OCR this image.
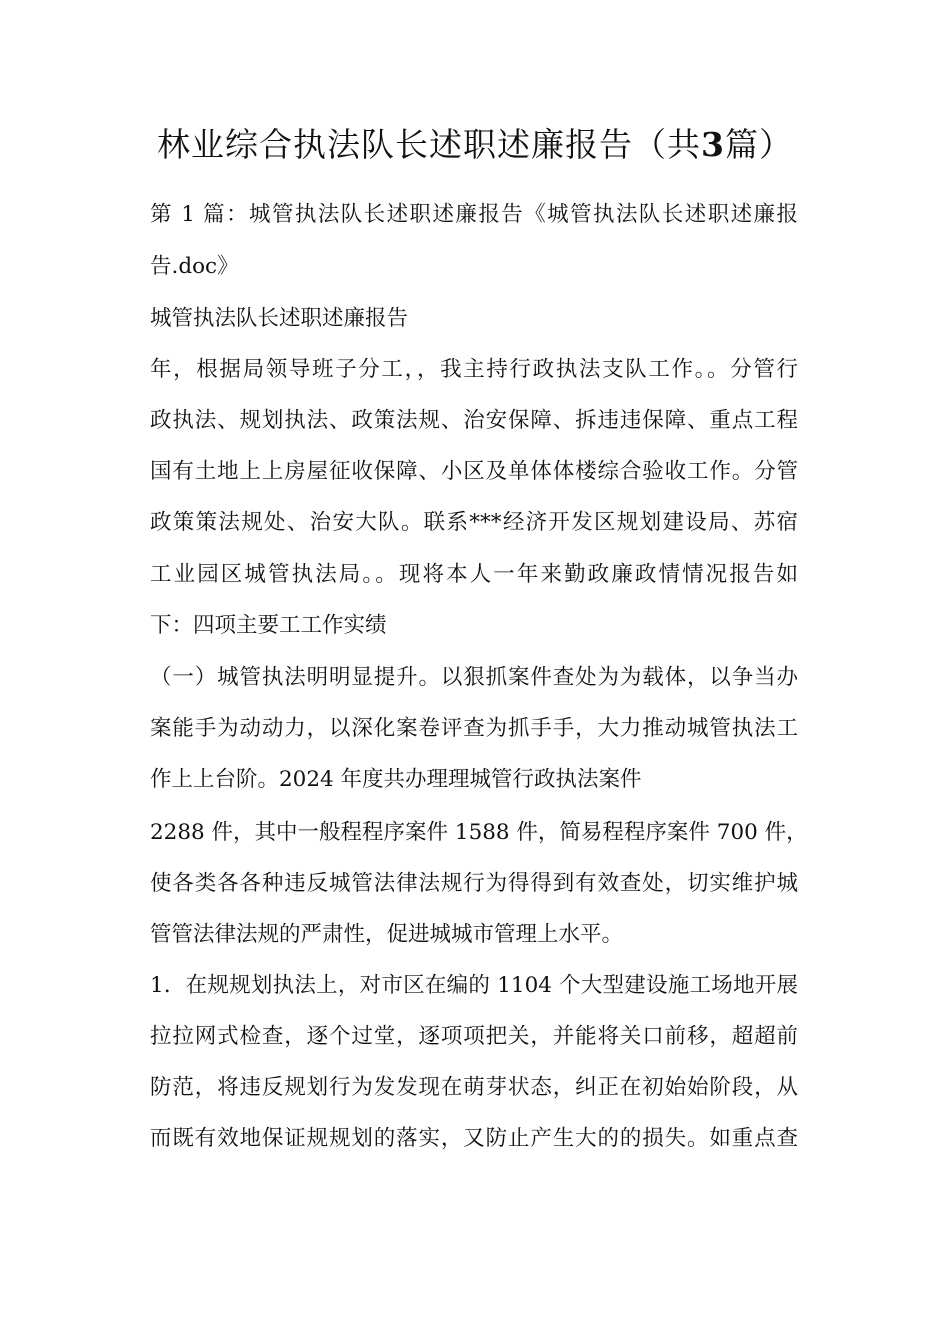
林业综合执法队长述职述廉报告（共3篇）
第 1 篇：城管执法队长述职述廉报告《城管执法队长述职述廉报
告.doc》
城管执法队长述职述廉报告
年，根据局领导班子分工，，我主持行政执法支队工作。。分管行
政执法、规划执法、政策法规、治安保障、拆违违保障、重点工程
国有土地上上房屋征收保障、小区及单体体楼综合验收工作。分管
政策策法规处、治安大队。联系***经济开发区规划建设局、苏宿
工业园区城管执法局。。现将本人一年来勤政廉政情情况报告如
下：四项主要工工作实绩
（一）城管执法明明显提升。以狠抓案件查处为为载体，以争当办
案能手为动动力，以深化案卷评查为抓手手，大力推动城管执法工
作上上台阶。2024 年度共办理理城管行政执法案件
2288 件，其中一般程程序案件 1588 件，简易程程序案件 700 件，
使各类各各种违反城管法律法规行为得得到有效查处，切实维护城
管管法律法规的严肃性，促进城城市管理上水平。
1．在规规划执法上，对市区在编的 1104 个大型建设施工场地开展
拉拉网式检查，逐个过堂，逐项项把关，并能将关口前移，超超前
防范，将违反规划行为发发现在萌芽状态，纠正在初始始阶段，从
而既有效地保证规规划的落实，又防止产生大的的损失。如重点查
